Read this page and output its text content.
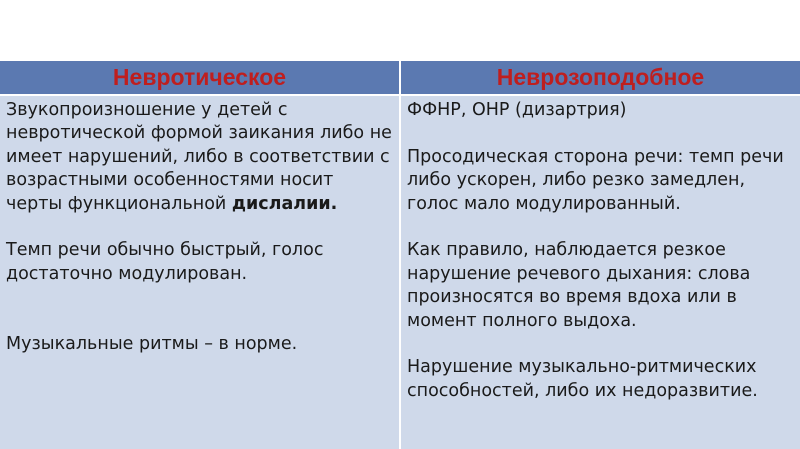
Невротическое	Неврозоподобное

Звукопроизношение у детей с невротической формой заикания либо не имеет нарушений, либо в соответствии с возрастными особенностями носит черты функциональной дислалии.

Темп речи обычно быстрый, голос достаточно модулирован.

Музыкальные ритмы – в норме.

ФФНР, ОНР (дизартрия)

Просодическая сторона речи: темп речи либо ускорен, либо резко замедлен, голос мало модулированный.

Как правило, наблюдается резкое нарушение речевого дыхания: слова произносятся во время вдоха или в момент полного выдоха.

Нарушение музыкально-ритмических способностей, либо их недоразвитие.
